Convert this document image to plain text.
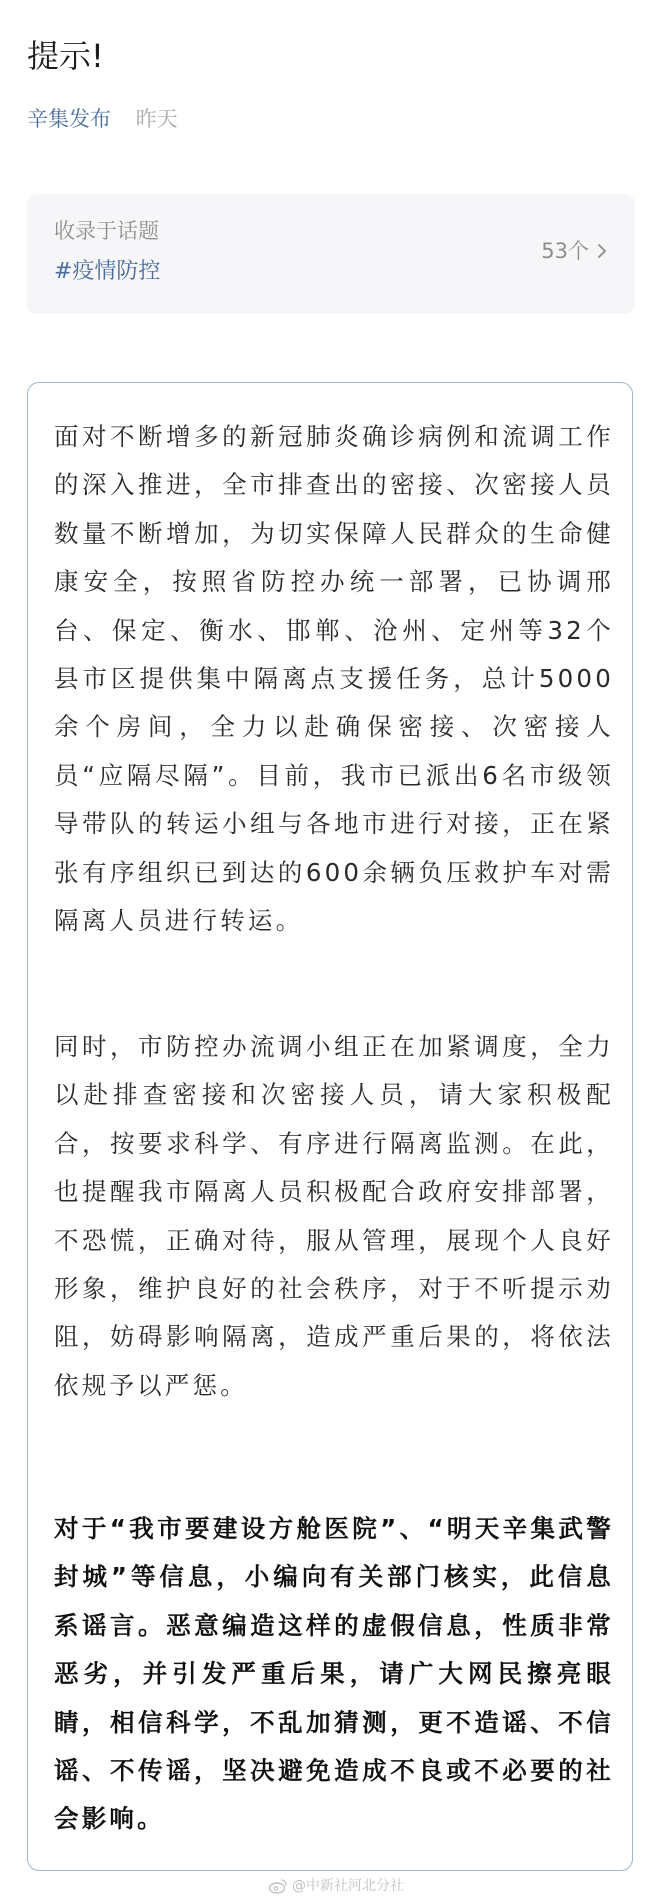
提示!
辛集发布 昨天
收录于话题
#疫情防控
53个

面对不断增多的新冠肺炎确诊病例和流调工作的深入推进，全市排查出的密接、次密接人员数量不断增加，为切实保障人民群众的生命健康安全，按照省防控办统一部署，已协调邢台、保定、衡水、邯郸、沧州、定州等32个县市区提供集中隔离点支援任务，总计5000余个房间，全力以赴确保密接、次密接人员“应隔尽隔”。目前，我市已派出6名市级领导带队的转运小组与各地市进行对接，正在紧张有序组织已到达的600余辆负压救护车对需隔离人员进行转运。

同时，市防控办流调小组正在加紧调度，全力以赴排查密接和次密接人员，请大家积极配合，按要求科学、有序进行隔离监测。在此，也提醒我市隔离人员积极配合政府安排部署，不恐慌，正确对待，服从管理，展现个人良好形象，维护良好的社会秩序，对于不听提示劝阻，妨碍影响隔离，造成严重后果的，将依法依规予以严惩。

对于“我市要建设方舱医院”、“明天辛集武警封城”等信息，小编向有关部门核实，此信息系谣言。恶意编造这样的虚假信息，性质非常恶劣，并引发严重后果，请广大网民擦亮眼睛，相信科学，不乱加猜测，更不造谣、不信谣、不传谣，坚决避免造成不良或不必要的社会影响。

@中新社河北分社
